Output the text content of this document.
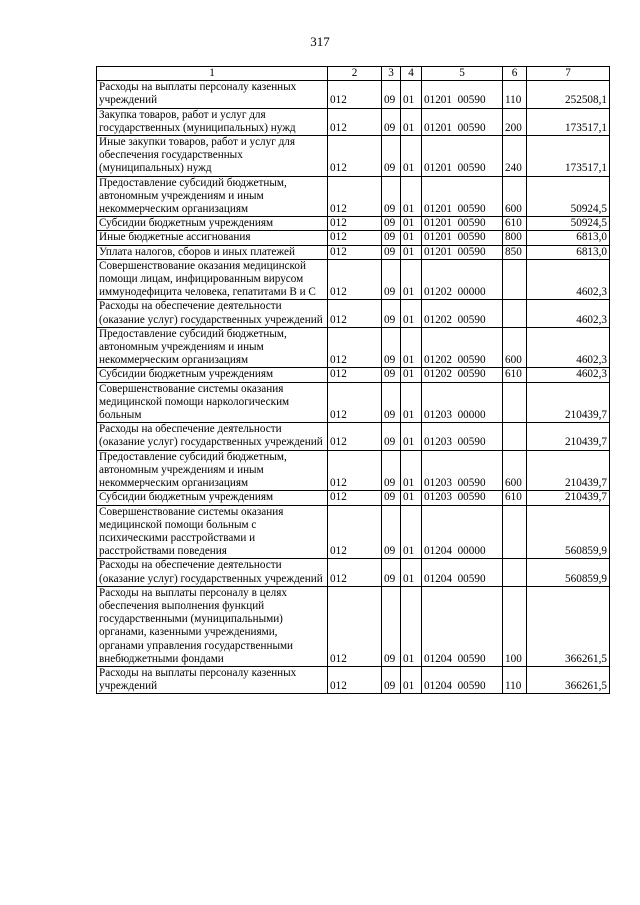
317
1	2	3	4	5	6	7
Расходы на выплаты персоналу казенных учреждений	012	09	01	01201  00590	110	252508,1
Закупка товаров, работ и услуг для государственных (муниципальных) нужд	012	09	01	01201  00590	200	173517,1
Иные закупки товаров, работ и услуг для обеспечения государственных (муниципальных) нужд	012	09	01	01201  00590	240	173517,1
Предоставление субсидий бюджетным, автономным учреждениям и иным некоммерческим организациям	012	09	01	01201  00590	600	50924,5
Субсидии бюджетным учреждениям	012	09	01	01201  00590	610	50924,5
Иные бюджетные ассигнования	012	09	01	01201  00590	800	6813,0
Уплата налогов, сборов и иных платежей	012	09	01	01201  00590	850	6813,0
Совершенствование оказания медицинской помощи лицам, инфицированным вирусом иммунодефицита человека, гепатитами В и С	012	09	01	01202  00000		4602,3
Расходы на обеспечение деятельности (оказание услуг) государственных учреждений	012	09	01	01202  00590		4602,3
Предоставление субсидий бюджетным, автономным учреждениям и иным некоммерческим организациям	012	09	01	01202  00590	600	4602,3
Субсидии бюджетным учреждениям	012	09	01	01202  00590	610	4602,3
Совершенствование системы оказания медицинской помощи наркологическим больным	012	09	01	01203  00000		210439,7
Расходы на обеспечение деятельности (оказание услуг) государственных учреждений	012	09	01	01203  00590		210439,7
Предоставление субсидий бюджетным, автономным учреждениям и иным некоммерческим организациям	012	09	01	01203  00590	600	210439,7
Субсидии бюджетным учреждениям	012	09	01	01203  00590	610	210439,7
Совершенствование системы оказания медицинской помощи больным с психическими расстройствами и расстройствами поведения	012	09	01	01204  00000		560859,9
Расходы на обеспечение деятельности (оказание услуг) государственных учреждений	012	09	01	01204  00590		560859,9
Расходы на выплаты персоналу в целях обеспечения выполнения функций государственными (муниципальными) органами, казенными учреждениями, органами управления государственными внебюджетными фондами	012	09	01	01204  00590	100	366261,5
Расходы на выплаты персоналу казенных учреждений	012	09	01	01204  00590	110	366261,5
